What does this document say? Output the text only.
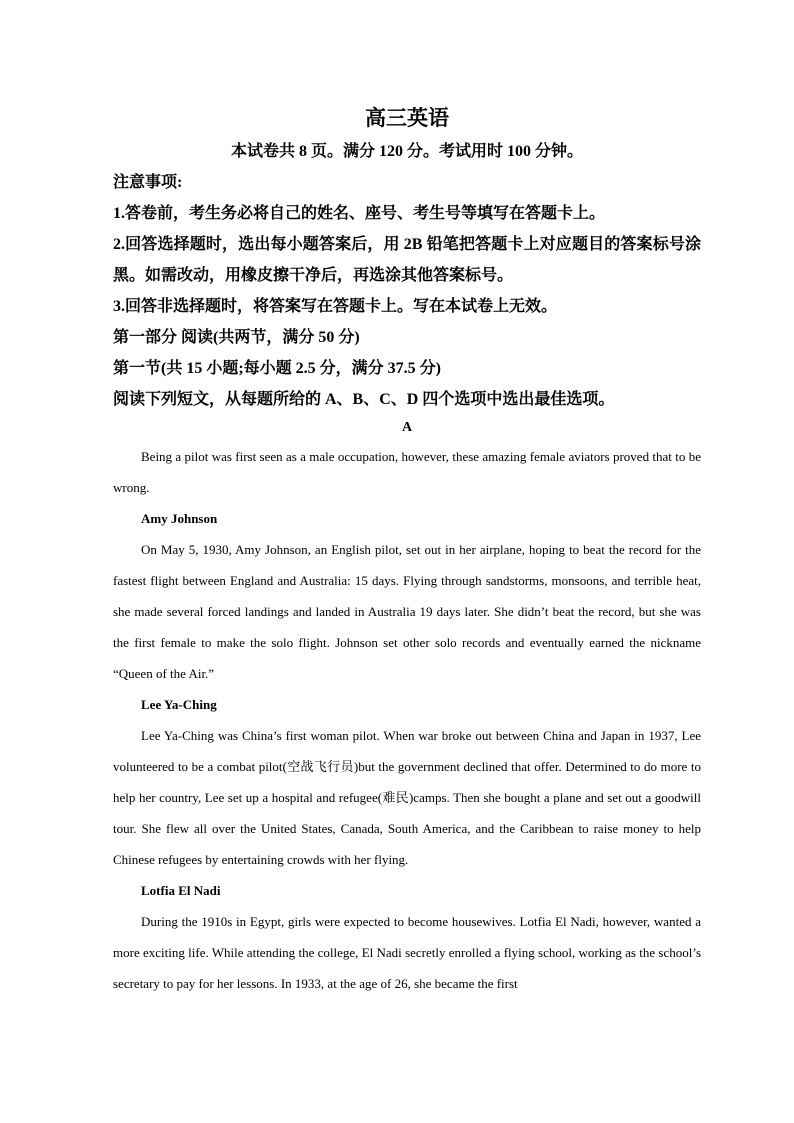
高三英语

本试卷共 8 页。满分 120 分。考试用时 100 分钟。

注意事项:

1.答卷前，考生务必将自己的姓名、座号、考生号等填写在答题卡上。

2.回答选择题时，选出每小题答案后，用 2B 铅笔把答题卡上对应题目的答案标号涂黑。如需改动，用橡皮擦干净后，再选涂其他答案标号。

3.回答非选择题时，将答案写在答题卡上。写在本试卷上无效。

第一部分 阅读(共两节，满分 50 分)

第一节(共 15 小题;每小题 2.5 分，满分 37.5 分)

阅读下列短文，从每题所给的 A、B、C、D 四个选项中选出最佳选项。

A

Being a pilot was first seen as a male occupation, however, these amazing female aviators proved that to be wrong.

Amy Johnson

On May 5, 1930, Amy Johnson, an English pilot, set out in her airplane, hoping to beat the record for the fastest flight between England and Australia: 15 days. Flying through sandstorms, monsoons, and terrible heat, she made several forced landings and landed in Australia 19 days later. She didn’t beat the record, but she was the first female to make the solo flight. Johnson set other solo records and eventually earned the nickname “Queen of the Air.”

Lee Ya-Ching

Lee Ya-Ching was China’s first woman pilot. When war broke out between China and Japan in 1937, Lee volunteered to be a combat pilot(空战飞行员)but the government declined that offer. Determined to do more to help her country, Lee set up a hospital and refugee(难民)camps. Then she bought a plane and set out a goodwill tour. She flew all over the United States, Canada, South America, and the Caribbean to raise money to help Chinese refugees by entertaining crowds with her flying.

Lotfia El Nadi

During the 1910s in Egypt, girls were expected to become housewives. Lotfia El Nadi, however, wanted a more exciting life. While attending the college, El Nadi secretly enrolled a flying school, working as the school’s secretary to pay for her lessons. In 1933, at the age of 26, she became the first
